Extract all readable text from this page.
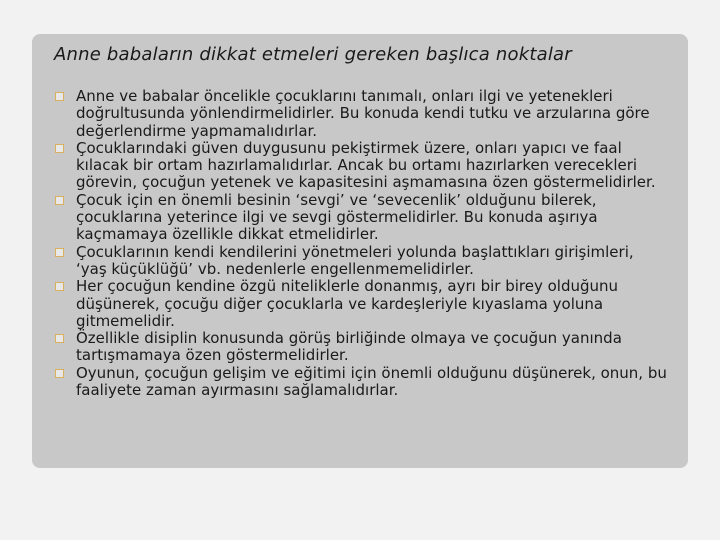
Anne babaların dikkat etmeleri gereken başlıca noktalar
Anne ve babalar öncelikle çocuklarını tanımalı, onları ilgi ve yetenekleri doğrultusunda yönlendirmelidirler. Bu konuda kendi tutku ve arzularına göre değerlendirme yapmamalıdırlar.
Çocuklarındaki güven duygusunu pekiştirmek üzere, onları yapıcı ve faal kılacak bir ortam hazırlamalıdırlar. Ancak bu ortamı hazırlarken verecekleri görevin, çocuğun yetenek ve kapasitesini aşmamasına özen göstermelidirler.
Çocuk için en önemli besinin ‘sevgi’ ve ‘sevecenlik’ olduğunu bilerek, çocuklarına yeterince ilgi ve sevgi göstermelidirler. Bu konuda aşırıya kaçmamaya özellikle dikkat etmelidirler.
Çocuklarının kendi kendilerini yönetmeleri yolunda başlattıkları girişimleri, ‘yaş küçüklüğü’ vb. nedenlerle engellenmemelidirler.
Her çocuğun kendine özgü niteliklerle donanmış, ayrı bir birey olduğunu düşünerek, çocuğu diğer çocuklarla ve kardeşleriyle kıyaslama yoluna gitmemelidir.
Özellikle disiplin konusunda görüş birliğinde olmaya ve çocuğun yanında tartışmamaya özen göstermelidirler.
Oyunun, çocuğun gelişim ve eğitimi için önemli olduğunu düşünerek, onun, bu faaliyete zaman ayırmasını sağlamalıdırlar.
